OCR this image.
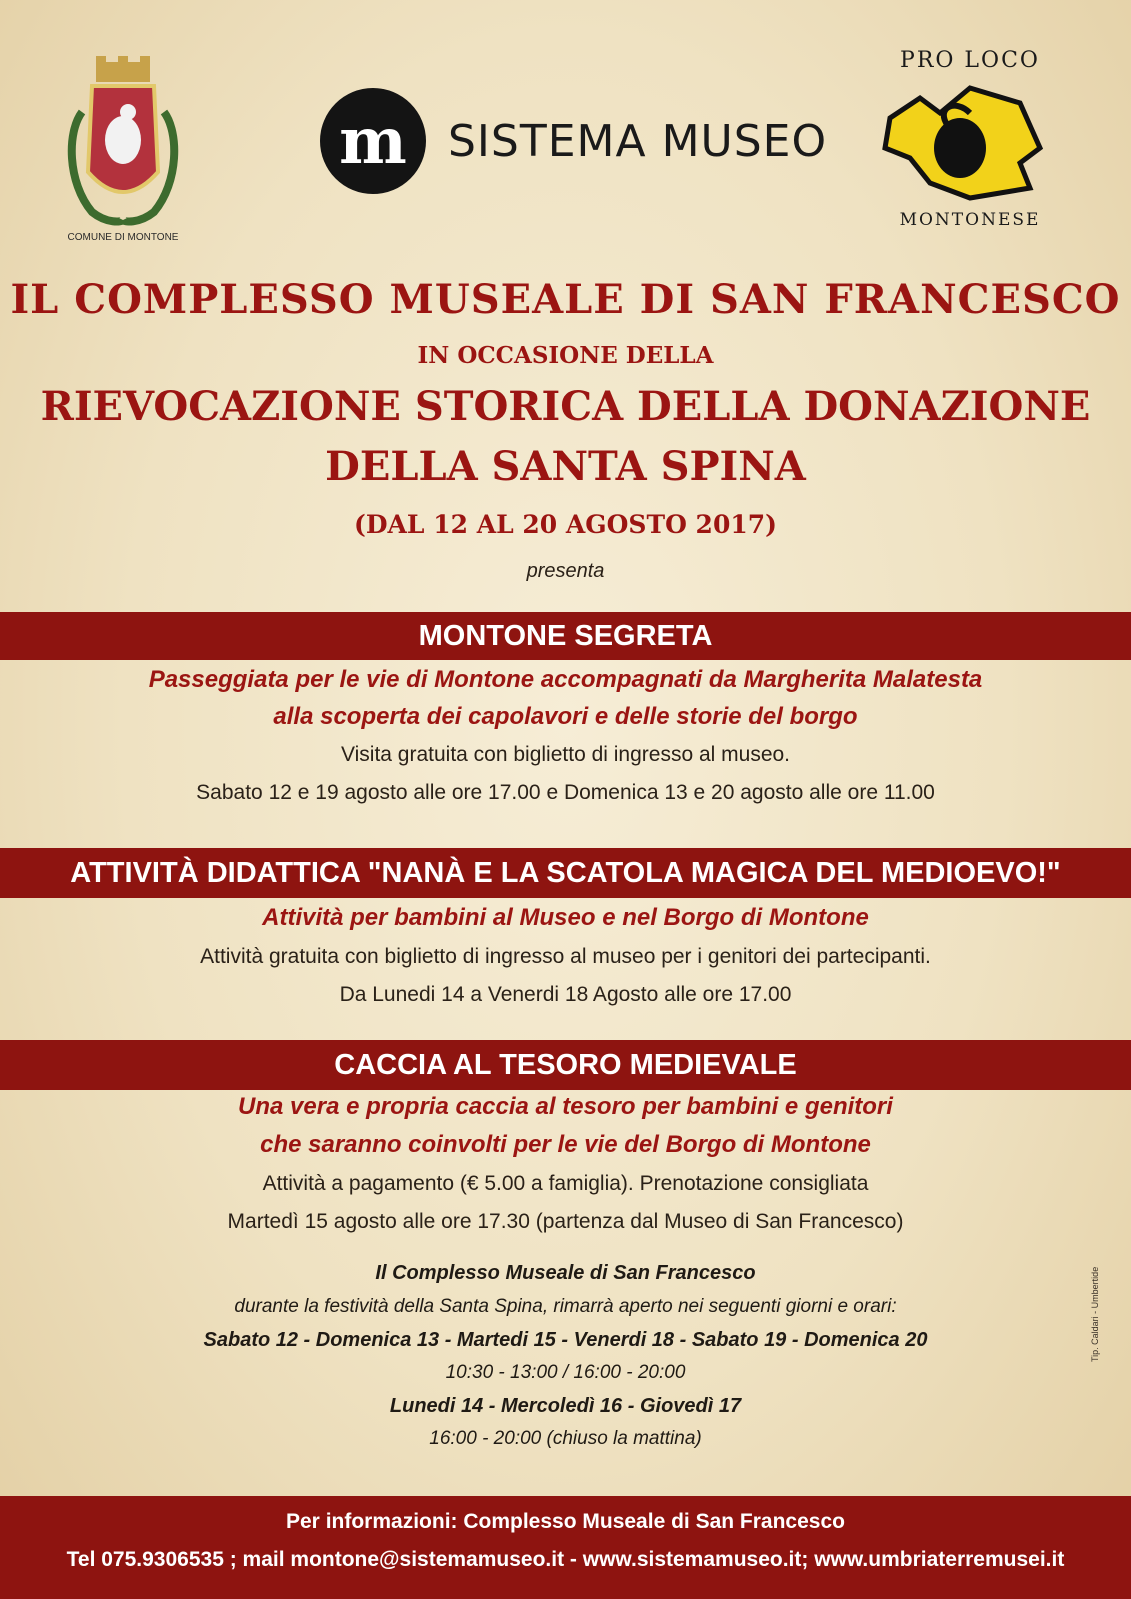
COMUNE DI MONTONE
m SISTEMA MUSEO
PRO LOCO
MONTONESE
IL COMPLESSO MUSEALE DI SAN FRANCESCO
IN OCCASIONE DELLA
RIEVOCAZIONE STORICA DELLA DONAZIONE
DELLA SANTA SPINA
(DAL 12 AL 20 AGOSTO 2017)
presenta
MONTONE SEGRETA
Passeggiata per le vie di Montone accompagnati da Margherita Malatesta
alla scoperta dei capolavori e delle storie del borgo
Visita gratuita con biglietto di ingresso al museo.
Sabato 12 e 19 agosto alle ore 17.00 e Domenica 13 e 20 agosto alle ore 11.00
ATTIVITÀ DIDATTICA "NANÀ E LA SCATOLA MAGICA DEL MEDIOEVO!"
Attività per bambini al Museo e nel Borgo di Montone
Attività gratuita con biglietto di ingresso al museo per i genitori dei partecipanti.
Da Lunedi 14 a Venerdi 18 Agosto alle ore 17.00
CACCIA AL TESORO MEDIEVALE
Una vera e propria caccia al tesoro per bambini e genitori
che saranno coinvolti per le vie del Borgo di Montone
Attività a pagamento (€ 5.00 a famiglia). Prenotazione consigliata
Martedì 15 agosto alle ore 17.30 (partenza dal Museo di San Francesco)
Il Complesso Museale di San Francesco
durante la festività della Santa Spina, rimarrà aperto nei seguenti giorni e orari:
Sabato 12 - Domenica 13 - Martedi 15 - Venerdi 18 - Sabato 19 - Domenica 20
10:30 - 13:00 / 16:00 - 20:00
Lunedi 14 - Mercoledì 16 - Giovedì 17
16:00 - 20:00 (chiuso la mattina)
Tip. Caldari - Umbertide
Per informazioni: Complesso Museale di San Francesco
Tel 075.9306535 ; mail montone@sistemamuseo.it - www.sistemamuseo.it; www.umbriaterremusei.it
